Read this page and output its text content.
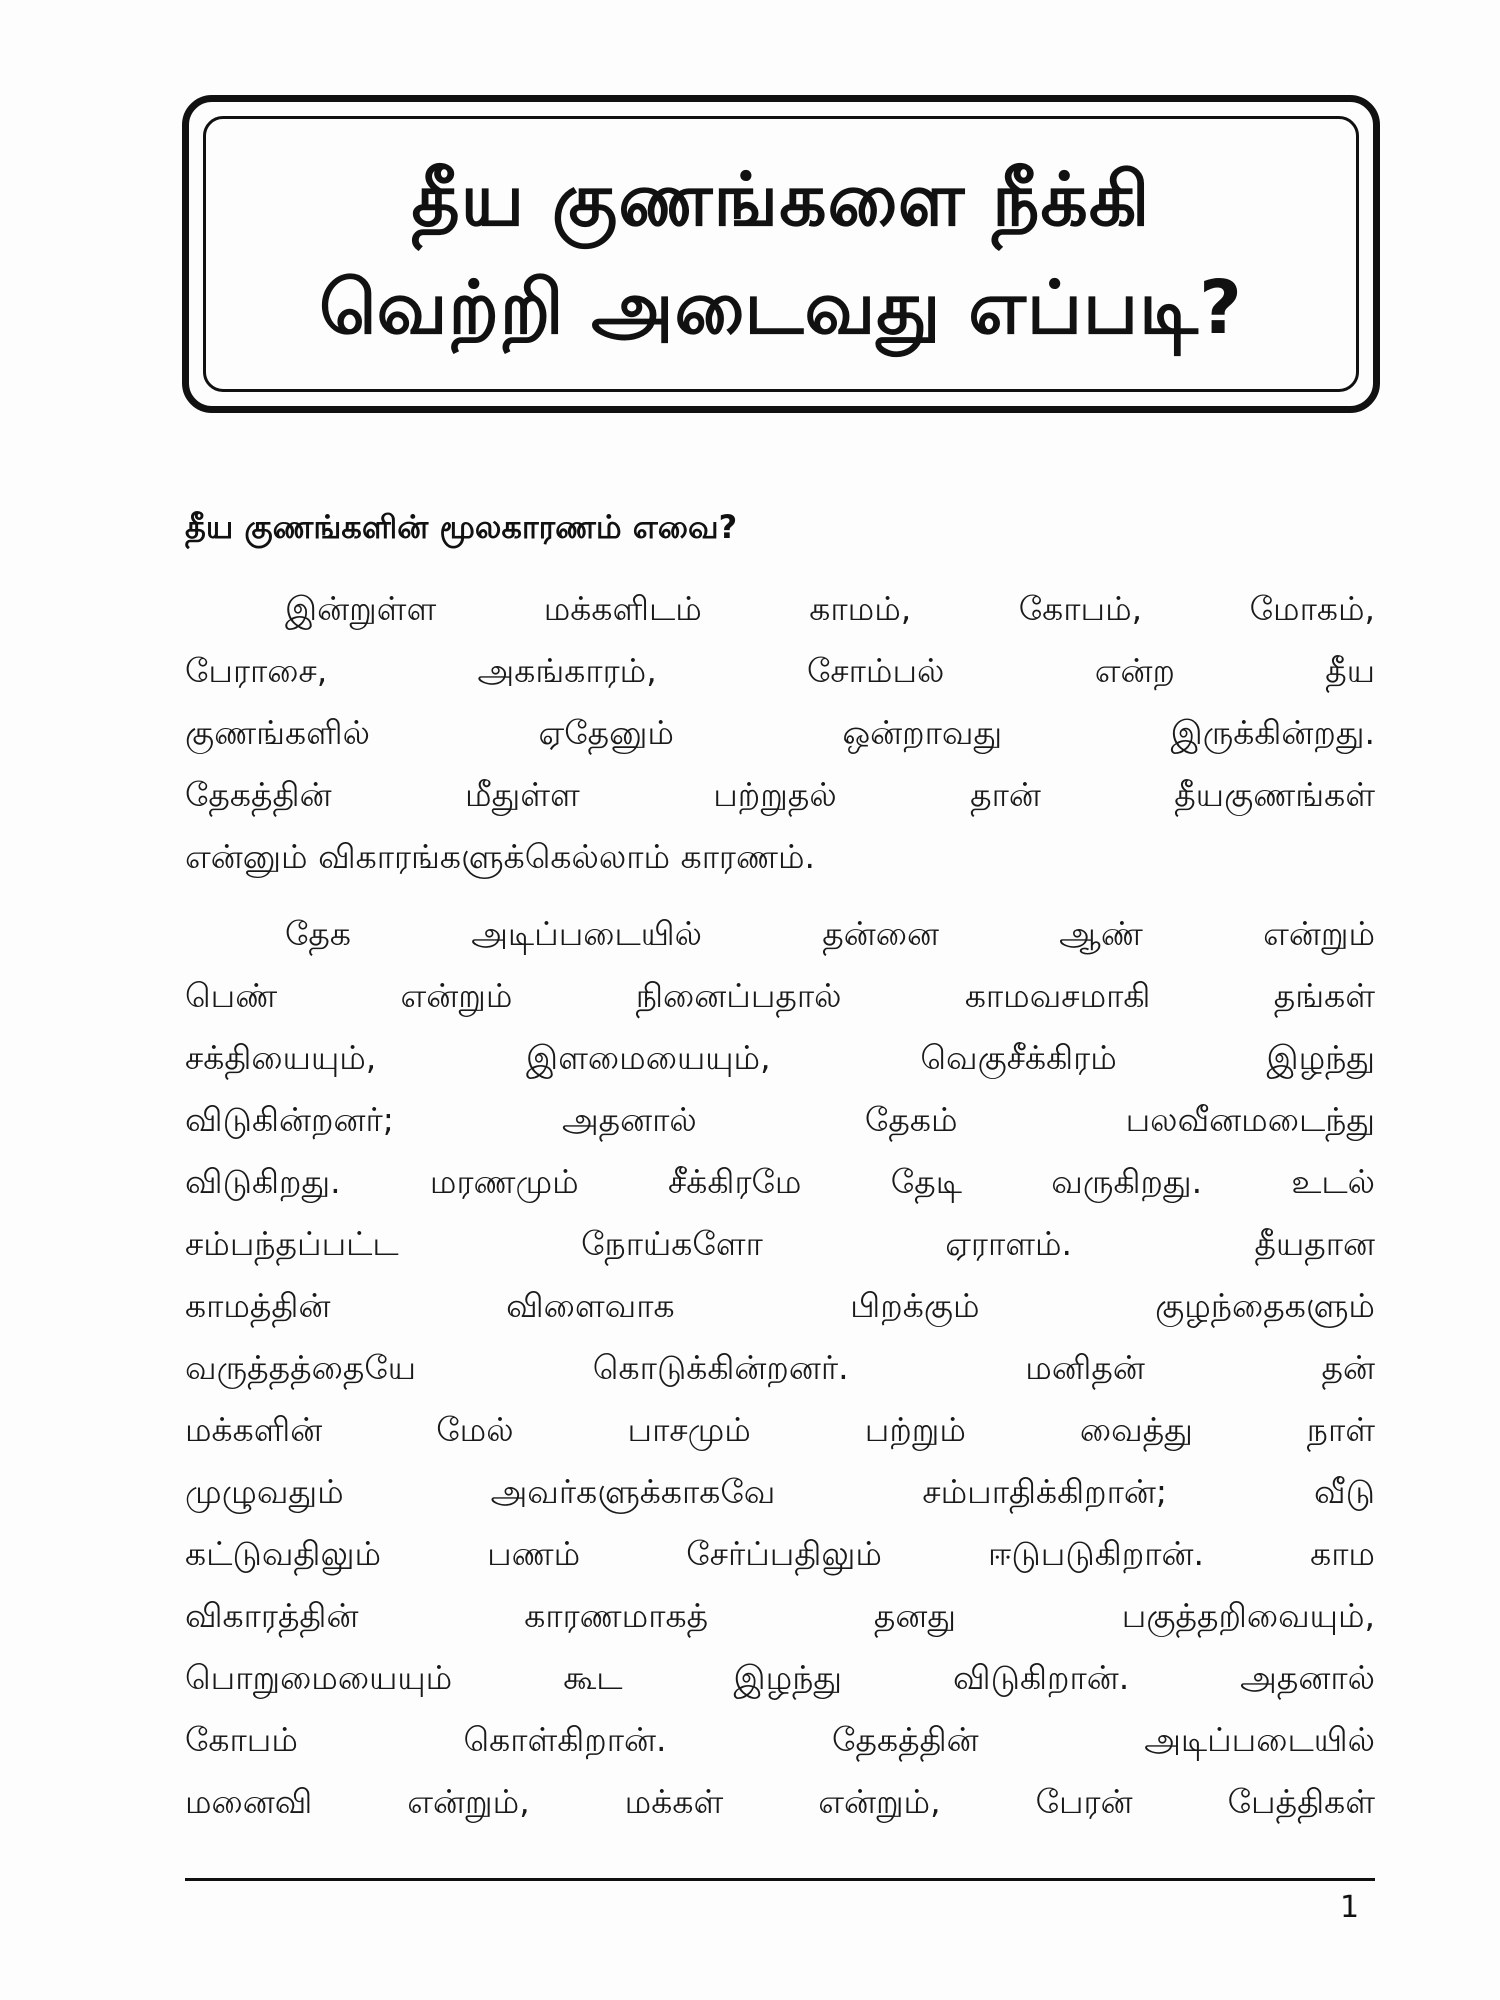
தீய குணங்களை நீக்கி
வெற்றி அடைவது எப்படி?
தீய குணங்களின் மூலகாரணம் எவை?
இன்றுள்ள மக்களிடம் காமம், கோபம், மோகம்,
பேராசை, அகங்காரம், சோம்பல் என்ற தீய
குணங்களில் ஏதேனும் ஒன்றாவது இருக்கின்றது.
தேகத்தின் மீதுள்ள பற்றுதல் தான் தீயகுணங்கள்
என்னும் விகாரங்களுக்கெல்லாம் காரணம்.
தேக அடிப்படையில் தன்னை ஆண் என்றும்
பெண் என்றும் நினைப்பதால் காமவசமாகி தங்கள்
சக்தியையும், இளமையையும், வெகுசீக்கிரம் இழந்து
விடுகின்றனர்; அதனால் தேகம் பலவீனமடைந்து
விடுகிறது. மரணமும் சீக்கிரமே தேடி வருகிறது. உடல்
சம்பந்தப்பட்ட நோய்களோ ஏராளம். தீயதான
காமத்தின் விளைவாக பிறக்கும் குழந்தைகளும்
வருத்தத்தையே கொடுக்கின்றனர். மனிதன் தன்
மக்களின் மேல் பாசமும் பற்றும் வைத்து நாள்
முழுவதும் அவர்களுக்காகவே சம்பாதிக்கிறான்; வீடு
கட்டுவதிலும் பணம் சேர்ப்பதிலும் ஈடுபடுகிறான். காம
விகாரத்தின் காரணமாகத் தனது பகுத்தறிவையும்,
பொறுமையையும் கூட இழந்து விடுகிறான். அதனால்
கோபம் கொள்கிறான். தேகத்தின் அடிப்படையில்
மனைவி என்றும், மக்கள் என்றும், பேரன் பேத்திகள்
1
